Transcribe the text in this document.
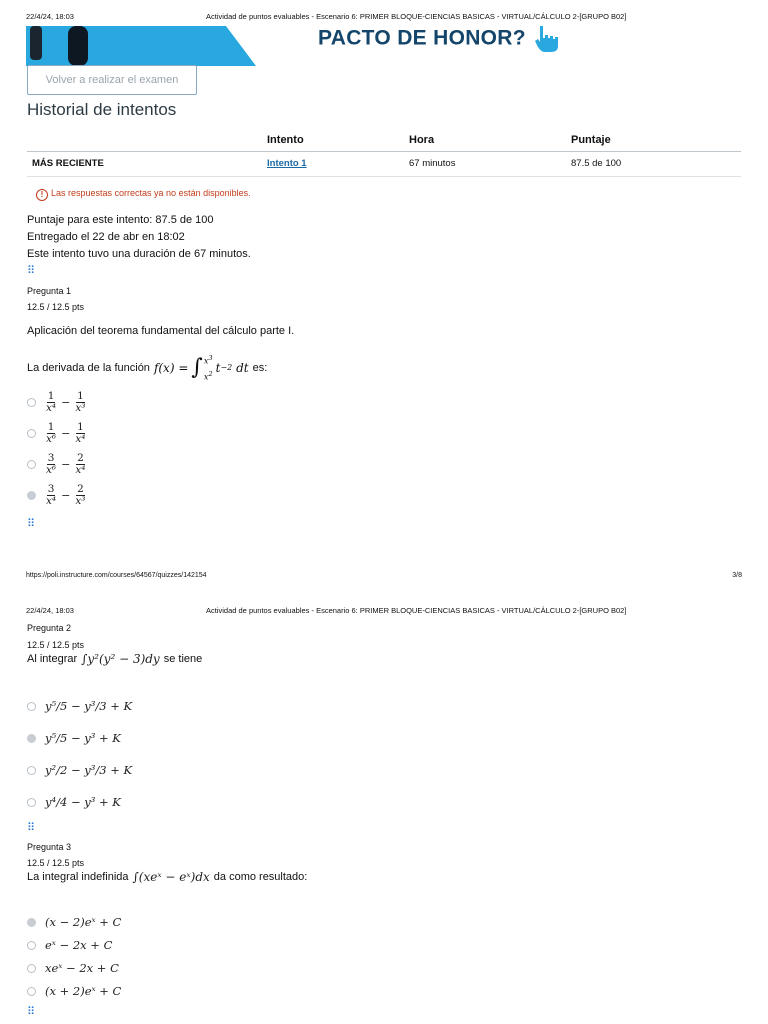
22/4/24, 18:03	Actividad de puntos evaluables - Escenario 6: PRIMER BLOQUE-CIENCIAS BASICAS - VIRTUAL/CÁLCULO 2-[GRUPO B02]
PACTO DE HONOR?
Volver a realizar el examen
Historial de intentos
	Intento	Hora	Puntaje
MÁS RECIENTE	Intento 1	67 minutos	87.5 de 100
! Las respuestas correctas ya no están disponibles.
Puntaje para este intento: 87.5 de 100
Entregado el 22 de abr en 18:02
Este intento tuvo una duración de 67 minutos.
⠿
Pregunta 1
12.5 / 12.5 pts
Aplicación del teorema fundamental del cálculo parte I.
La derivada de la función f(x) = ∫ $x^3$
$x^2$ t −2 dt es:
$\frac{1}{\text{x⁴}} - \frac{1}{\text{x³}}$
$\frac{1}{\text{x⁶}} - \frac{1}{\text{x⁴}}$
$\frac{3}{\text{x⁶}} - \frac{2}{\text{x⁴}}$
$\frac{3}{\text{x⁴}} - \frac{2}{\text{x³}}$
⠿
https://poli.instructure.com/courses/64567/quizzes/142154	3/8
22/4/24, 18:03	Actividad de puntos evaluables - Escenario 6: PRIMER BLOQUE-CIENCIAS BASICAS - VIRTUAL/CÁLCULO 2-[GRUPO B02]
Pregunta 2
12.5 / 12.5 pts
Al integrar ∫y²(y² − 3)dy se tiene
y⁵/5 − y³/3 + K
y⁵/5 − y³ + K
y²/2 − y³/3 + K
y⁴/4 − y³ + K
⠿
Pregunta 3
12.5 / 12.5 pts
La integral indefinida ∫(xeˣ − eˣ)dx da como resultado:
(x − 2)eˣ + C
eˣ − 2x + C
xeˣ − 2x + C
(x + 2)eˣ + C
⠿
